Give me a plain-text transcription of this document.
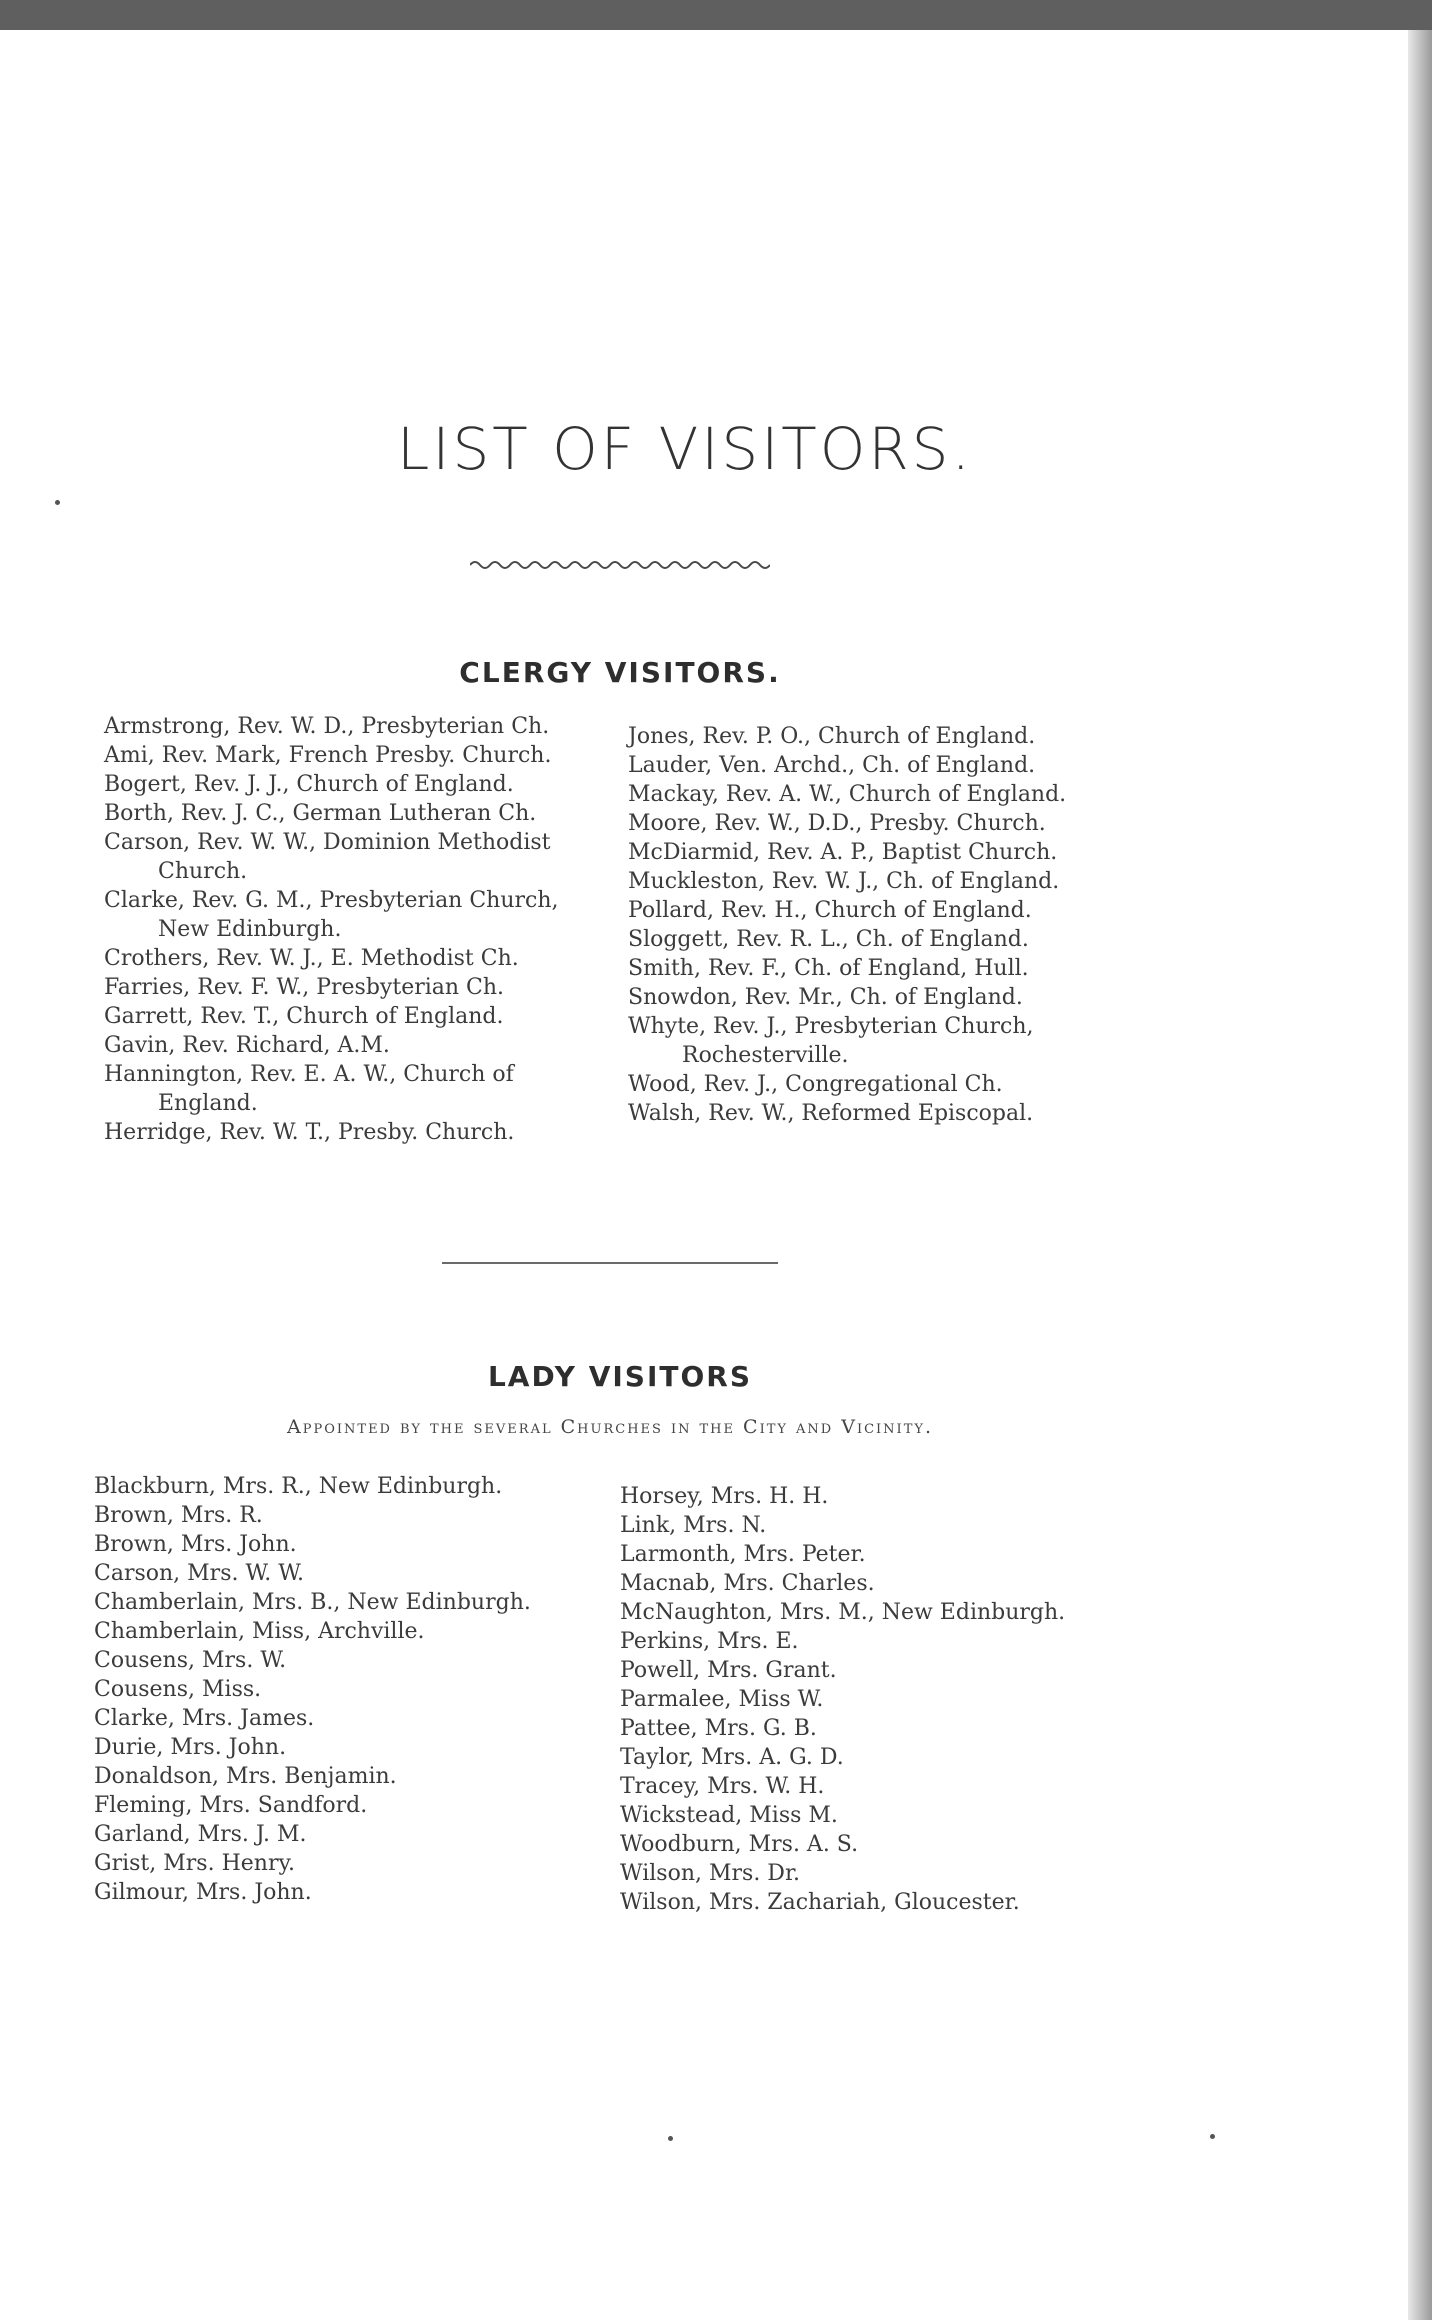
LIST OF VISITORS.
CLERGY VISITORS.
Armstrong, Rev. W. D., Presbyterian Ch.
Ami, Rev. Mark, French Presby. Church.
Bogert, Rev. J. J., Church of England.
Borth, Rev. J. C., German Lutheran Ch.
Carson, Rev. W. W., Dominion Methodist Church.
Clarke, Rev. G. M., Presbyterian Church, New Edinburgh.
Crothers, Rev. W. J., E. Methodist Ch.
Farries, Rev. F. W., Presbyterian Ch.
Garrett, Rev. T., Church of England.
Gavin, Rev. Richard, A.M.
Hannington, Rev. E. A. W., Church of England.
Herridge, Rev. W. T., Presby. Church.
Jones, Rev. P. O., Church of England.
Lauder, Ven. Archd., Ch. of England.
Mackay, Rev. A. W., Church of England.
Moore, Rev. W., D.D., Presby. Church.
McDiarmid, Rev. A. P., Baptist Church.
Muckleston, Rev. W. J., Ch. of England.
Pollard, Rev. H., Church of England.
Sloggett, Rev. R. L., Ch. of England.
Smith, Rev. F., Ch. of England, Hull.
Snowdon, Rev. Mr., Ch. of England.
Whyte, Rev. J., Presbyterian Church, Rochesterville.
Wood, Rev. J., Congregational Ch.
Walsh, Rev. W., Reformed Episcopal.
LADY VISITORS
Appointed by the several Churches in the City and Vicinity.
Blackburn, Mrs. R., New Edinburgh.
Brown, Mrs. R.
Brown, Mrs. John.
Carson, Mrs. W. W.
Chamberlain, Mrs. B., New Edinburgh.
Chamberlain, Miss, Archville.
Cousens, Mrs. W.
Cousens, Miss.
Clarke, Mrs. James.
Durie, Mrs. John.
Donaldson, Mrs. Benjamin.
Fleming, Mrs. Sandford.
Garland, Mrs. J. M.
Grist, Mrs. Henry.
Gilmour, Mrs. John.
Horsey, Mrs. H. H.
Link, Mrs. N.
Larmonth, Mrs. Peter.
Macnab, Mrs. Charles.
McNaughton, Mrs. M., New Edinburgh.
Perkins, Mrs. E.
Powell, Mrs. Grant.
Parmalee, Miss W.
Pattee, Mrs. G. B.
Taylor, Mrs. A. G. D.
Tracey, Mrs. W. H.
Wickstead, Miss M.
Woodburn, Mrs. A. S.
Wilson, Mrs. Dr.
Wilson, Mrs. Zachariah, Gloucester.
